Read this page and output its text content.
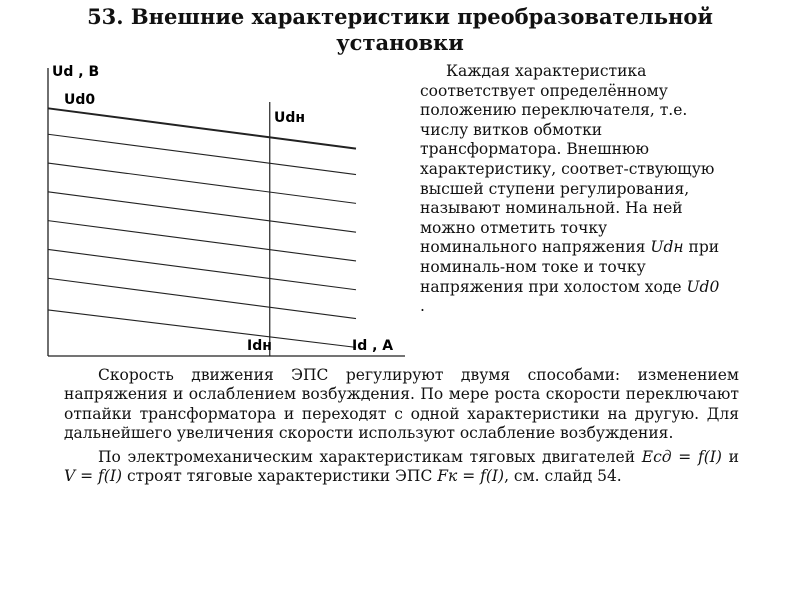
53. Внешние характеристики преобразовательной установки
Ud , В
Ud0
Udн
Idн	Id , А

Каждая характеристика соответствует определённому положению переключателя, т.е. числу витков обмотки трансформатора. Внешнюю характеристику, соответ-ствующую высшей ступени регулирования, называют номинальной. На ней можно отметить точку номинального напряжения Udн при номиналь-ном токе и точку напряжения при холостом ходе Ud0 .

Скорость движения ЭПС регулируют двумя способами: изменением напряжения и ослаблением возбуждения. По мере роста скорости переключают отпайки трансформатора и переходят с одной характеристики на другую. Для дальнейшего увеличения скорости используют ослабление возбуждения.

По электромеханическим характеристикам тяговых двигателей Eсд = f(I) и V = f(I) строят тяговые характеристики ЭПС Fк = f(I), см. слайд 54.
